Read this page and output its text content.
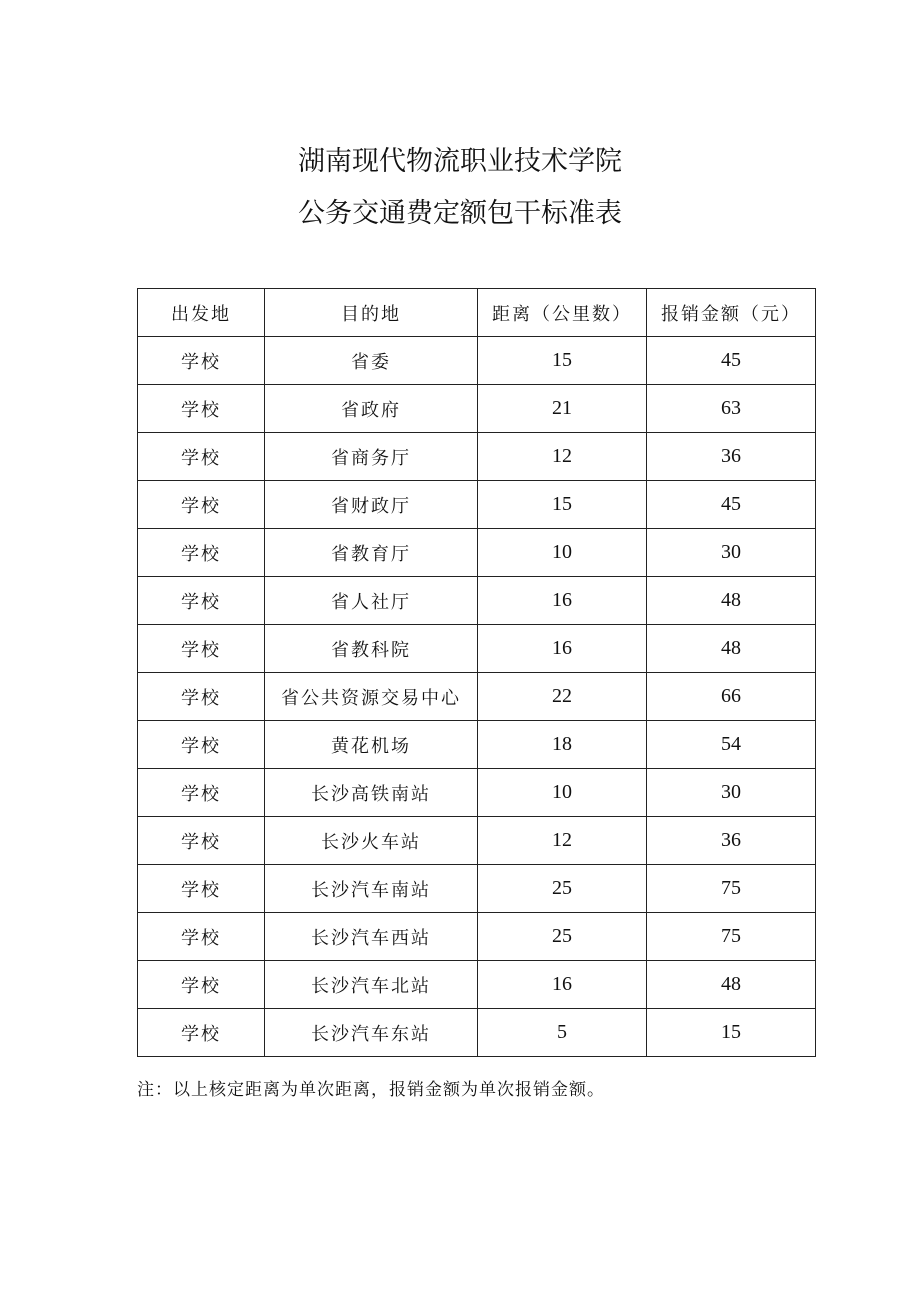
湖南现代物流职业技术学院
公务交通费定额包干标准表
出发地	目的地	距离（公里数）	报销金额（元）
学校	省委	15	45
学校	省政府	21	63
学校	省商务厅	12	36
学校	省财政厅	15	45
学校	省教育厅	10	30
学校	省人社厅	16	48
学校	省教科院	16	48
学校	省公共资源交易中心	22	66
学校	黄花机场	18	54
学校	长沙高铁南站	10	30
学校	长沙火车站	12	36
学校	长沙汽车南站	25	75
学校	长沙汽车西站	25	75
学校	长沙汽车北站	16	48
学校	长沙汽车东站	5	15
注：以上核定距离为单次距离，报销金额为单次报销金额。
